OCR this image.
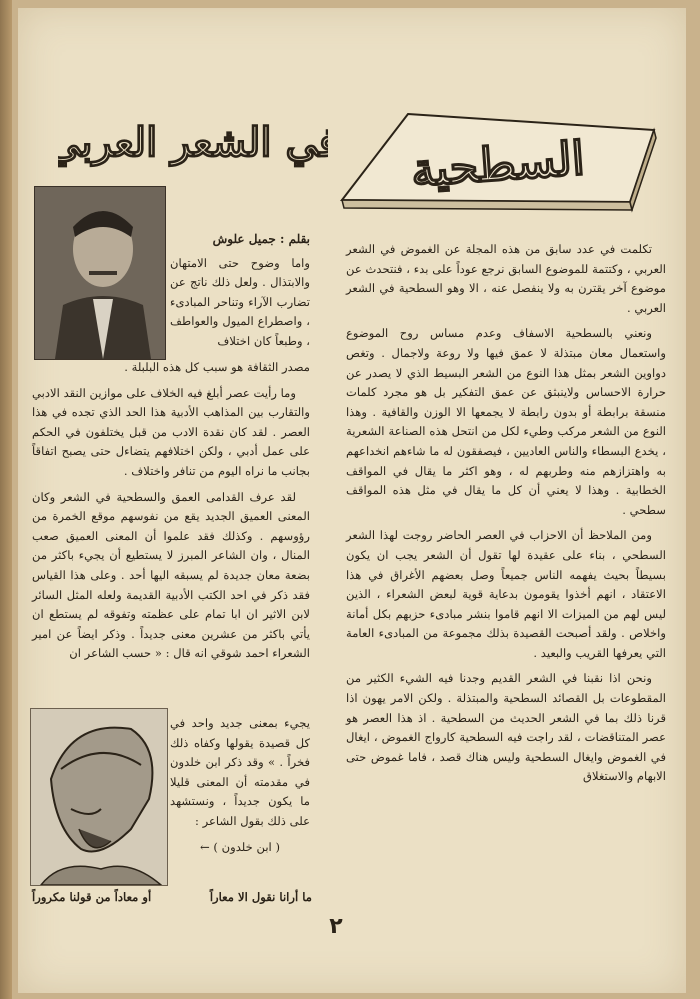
في الشعر العربي السطحية

تكلمت في عدد سابق من هذه المجلة عن الغموض في الشعر العربي ، وكتتمة للموضوع السابق نرجع عوداً على بدء ، فنتحدث عن موضوع آخر يقترن به ولا ينفصل عنه ، الا وهو السطحية في الشعر العربي .

ونعني بالسطحية الاسفاف وعدم مساس روح الموضوع واستعمال معان مبتذلة لا عمق فيها ولا روعة ولاجمال . وتغص دواوين الشعر بمثل هذا النوع من الشعر البسيط الذي لا يصدر عن حرارة الاحساس ولاينبثق عن عمق التفكير بل هو مجرد كلمات منسقة برابطة أو بدون رابطة لا يجمعها الا الوزن والقافية . وهذا النوع من الشعر مركب وطيء لكل من انتحل هذه الصناعة الشعرية ، يخدع البسطاء والناس العاديين ، فيصفقون له ما شاءهم انخداعهم به واهتزازهم منه وطربهم له ، وهو اكثر ما يقال في المواقف الخطابية . وهذا لا يعني أن كل ما يقال في مثل هذه المواقف سطحي .

ومن الملاحظ أن الاحزاب في العصر الحاضر روجت لهذا الشعر السطحي ، بناء على عقيدة لها تقول أن الشعر يجب ان يكون بسيطاً بحيث يفهمه الناس جميعاً وصل بعضهم الأغراق في هذا الاعتقاد ، انهم أخذوا يقومون بدعاية قوية لبعض الشعراء ، الذين ليس لهم من الميزات الا انهم قاموا بنشر مبادىء حزبهم بكل أمانة واخلاص . ولقد أصبحت القصيدة بذلك مجموعة من المبادىء العامة التي يعرفها القريب والبعيد .

ونحن اذا نقبنا في الشعر القديم وجدنا فيه الشيء الكثير من المقطوعات بل القصائد السطحية والمبتذلة . ولكن الامر يهون اذا قرنا ذلك بما في الشعر الحديث من السطحية . اذ هذا العصر هو عصر المتناقضات ، لقد راجت فيه السطحية كارواج الغموض ، ايغال في الغموض وايغال السطحية وليس هناك قصد ، فاما غموض حتى الابهام والاستغلاق

بقلم : جميل علوش

واما وضوح حتى الامتهان والابتذال . ولعل ذلك ناتج عن تضارب الآراء وتناحر المبادىء ، واصطراع الميول والعواطف ، وطبعاً كان اختلاف

مصدر الثقافة هو سبب كل هذه البلبلة .

وما رأيت عصر أبلغ فيه الخلاف على موازين النقد الادبي والتقارب بين المذاهب الأدبية هذا الحد الذي تجده في هذا العصر . لقد كان نقدة الادب من قبل يختلفون في الحكم على عمل أدبي ، ولكن اختلافهم يتضاءل حتى يصبح اتفاقاً بجانب ما نراه اليوم من تنافر واختلاف .

لقد عرف القدامى العمق والسطحية في الشعر وكان المعنى العميق الجديد يقع من نفوسهم موقع الخمرة من رؤوسهم . وكذلك فقد علموا أن المعنى العميق صعب المنال ، وان الشاعر المبرز لا يستطيع أن يجيء باكثر من بضعة معان جديدة لم يسبقه اليها أحد . وعلى هذا القياس فقد ذكر في احد الكتب الأدبية القديمة ولعله المثل السائر لابن الاثير ان ابا تمام على عظمته وتفوقه لم يستطع ان يأتي باكثر من عشرين معنى جديداً . وذكر ايضاً عن امير الشعراء احمد شوقي انه قال : « حسب الشاعر ان

يجيء بمعنى جديد واحد في كل قصيدة يقولها وكفاه ذلك فخراً . » وقد ذكر ابن خلدون في مقدمته أن المعنى قليلا ما يكون جديداً ، ونستشهد على ذلك بقول الشاعر :

( ابن خلدون ) ←
ما أرانا نقول الا معاراً
أو معاداً من قولنا مكروراً
٢
